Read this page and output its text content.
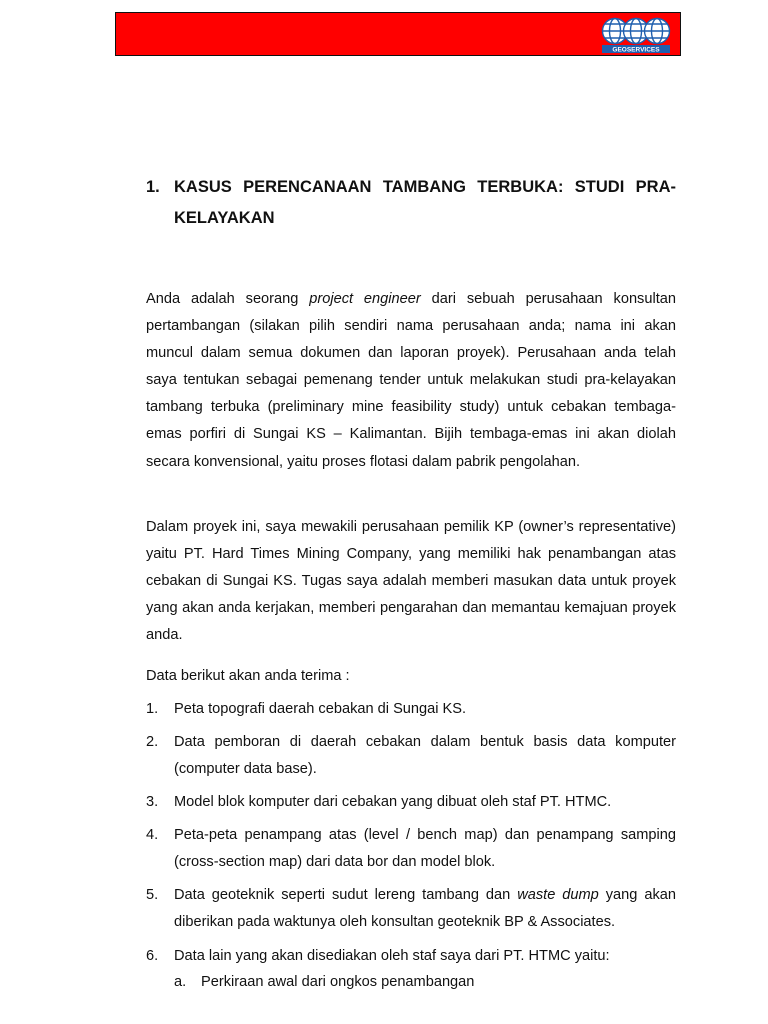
GEOSERVICES
1. KASUS PERENCANAAN TAMBANG TERBUKA: STUDI PRA-KELAYAKAN

Anda adalah seorang project engineer dari sebuah perusahaan konsultan pertambangan (silakan pilih sendiri nama perusahaan anda; nama ini akan muncul dalam semua dokumen dan laporan proyek). Perusahaan anda telah saya tentukan sebagai pemenang tender untuk melakukan studi pra-kelayakan tambang terbuka (preliminary mine feasibility study) untuk cebakan tembaga-emas porfiri di Sungai KS – Kalimantan. Bijih tembaga-emas ini akan diolah secara konvensional, yaitu proses flotasi dalam pabrik pengolahan.

Dalam proyek ini, saya mewakili perusahaan pemilik KP (owner’s representative) yaitu PT. Hard Times Mining Company, yang memiliki hak penambangan atas cebakan di Sungai KS. Tugas saya adalah memberi masukan data untuk proyek yang akan anda kerjakan, memberi pengarahan dan memantau kemajuan proyek anda.

Data berikut akan anda terima :

1.	Peta topografi daerah cebakan di Sungai KS.
2.	Data pemboran di daerah cebakan dalam bentuk basis data komputer (computer data base).
3.	Model blok komputer dari cebakan yang dibuat oleh staf PT. HTMC.
4.	Peta-peta penampang atas (level / bench map) dan penampang samping (cross-section map) dari data bor dan model blok.
5.	Data geoteknik seperti sudut lereng tambang dan waste dump yang akan diberikan pada waktunya oleh konsultan geoteknik BP & Associates.
6.	Data lain yang akan disediakan oleh staf saya dari PT. HTMC yaitu:
a.	Perkiraan awal dari ongkos penambangan
